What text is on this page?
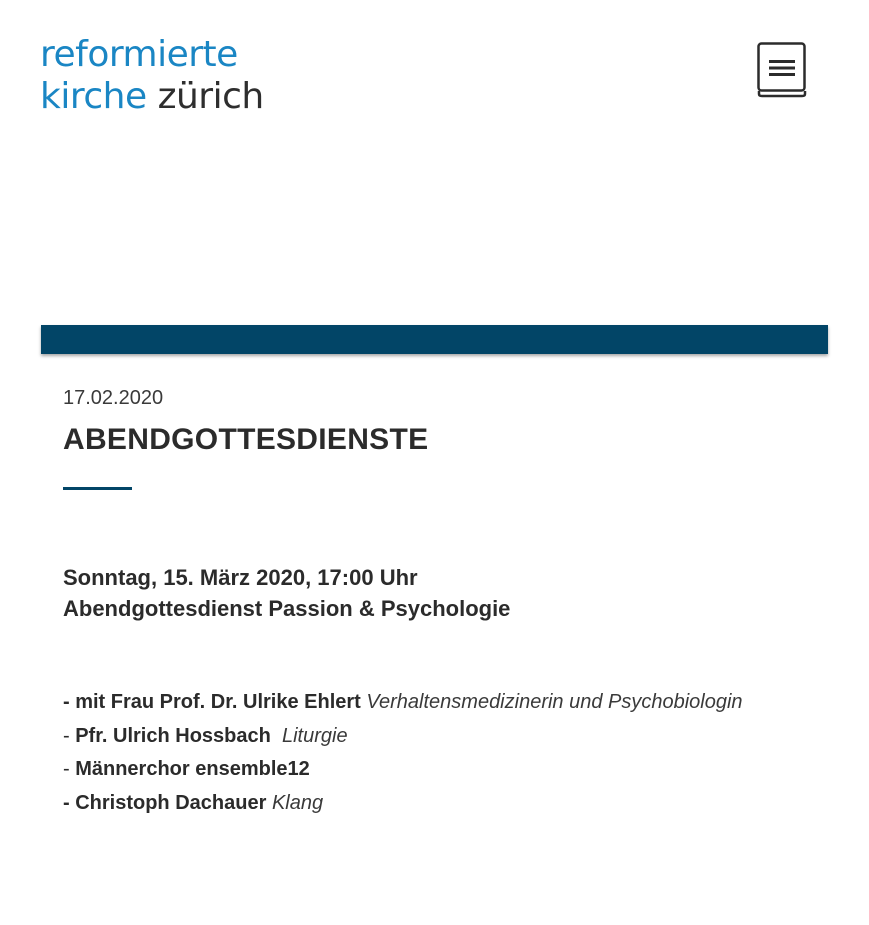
reformierte
kirche zürich

17.02.2020

ABENDGOTTESDIENSTE
Sonntag, 15. März 2020, 17:00 Uhr
Abendgottesdienst Passion & Psychologie
- mit Frau Prof. Dr. Ulrike Ehlert Verhaltensmedizinerin und Psychobiologin
- Pfr. Ulrich Hossbach Liturgie
- Männerchor ensemble12
- Christoph Dachauer Klang
